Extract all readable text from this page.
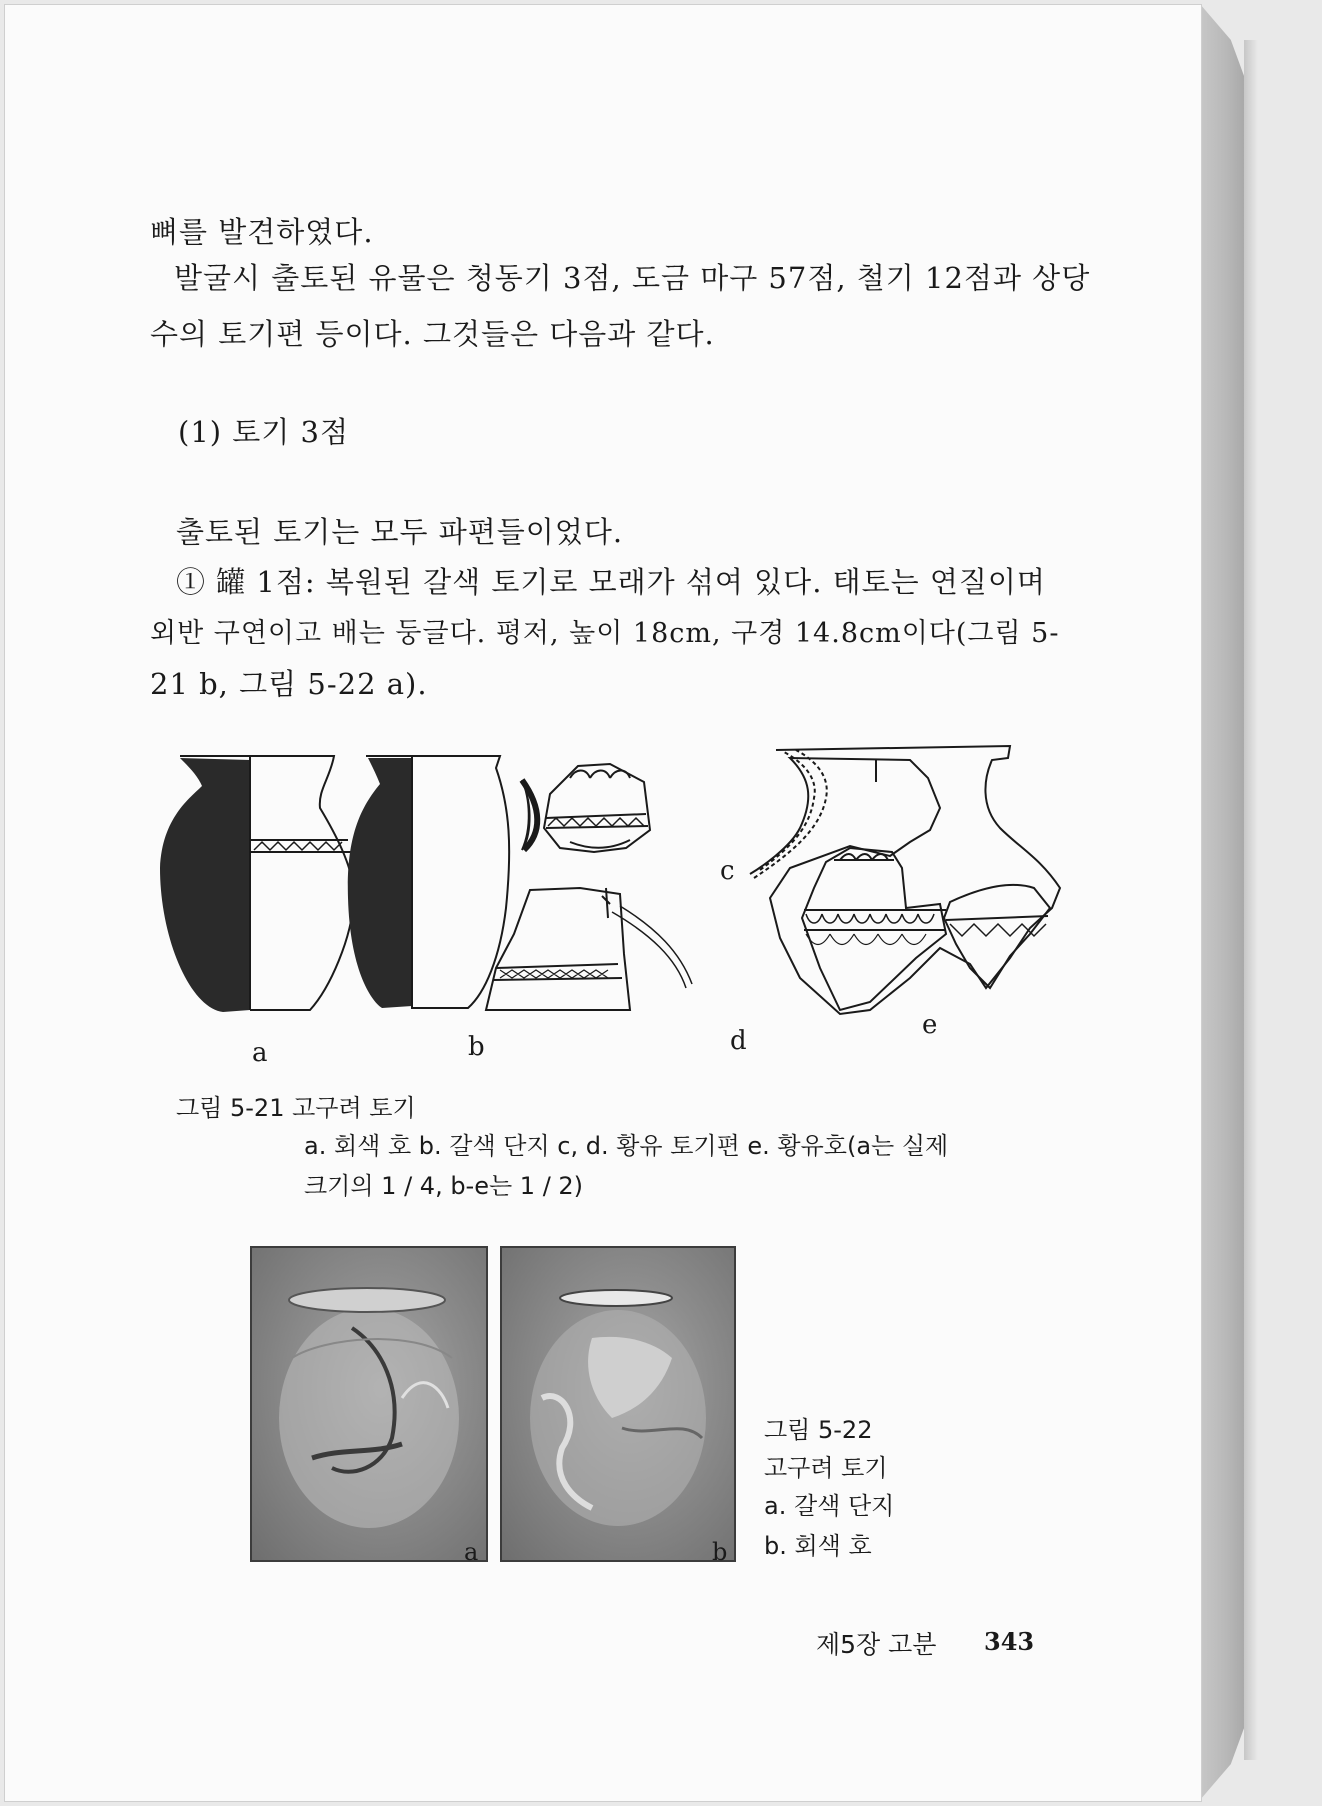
뼈를 발견하였다.
발굴시 출토된 유물은 청동기 3점, 도금 마구 57점, 철기 12점과 상당
수의 토기편 등이다. 그것들은 다음과 같다.
(1) 토기 3점
출토된 토기는 모두 파편들이었다.
① 罐 1점: 복원된 갈색 토기로 모래가 섞여 있다. 태토는 연질이며
외반 구연이고 배는 둥글다. 평저, 높이 18cm, 구경 14.8cm이다(그림 5-
21 b, 그림 5-22 a).
a	b
c
d
e
그림 5-21 고구려 토기
a. 회색 호 b. 갈색 단지 c, d. 황유 토기편 e. 황유호(a는 실제
크기의 1 / 4, b-e는 1 / 2)
a	b
그림 5-22
고구려 토기
a. 갈색 단지
b. 회색 호
제5장 고분 343
